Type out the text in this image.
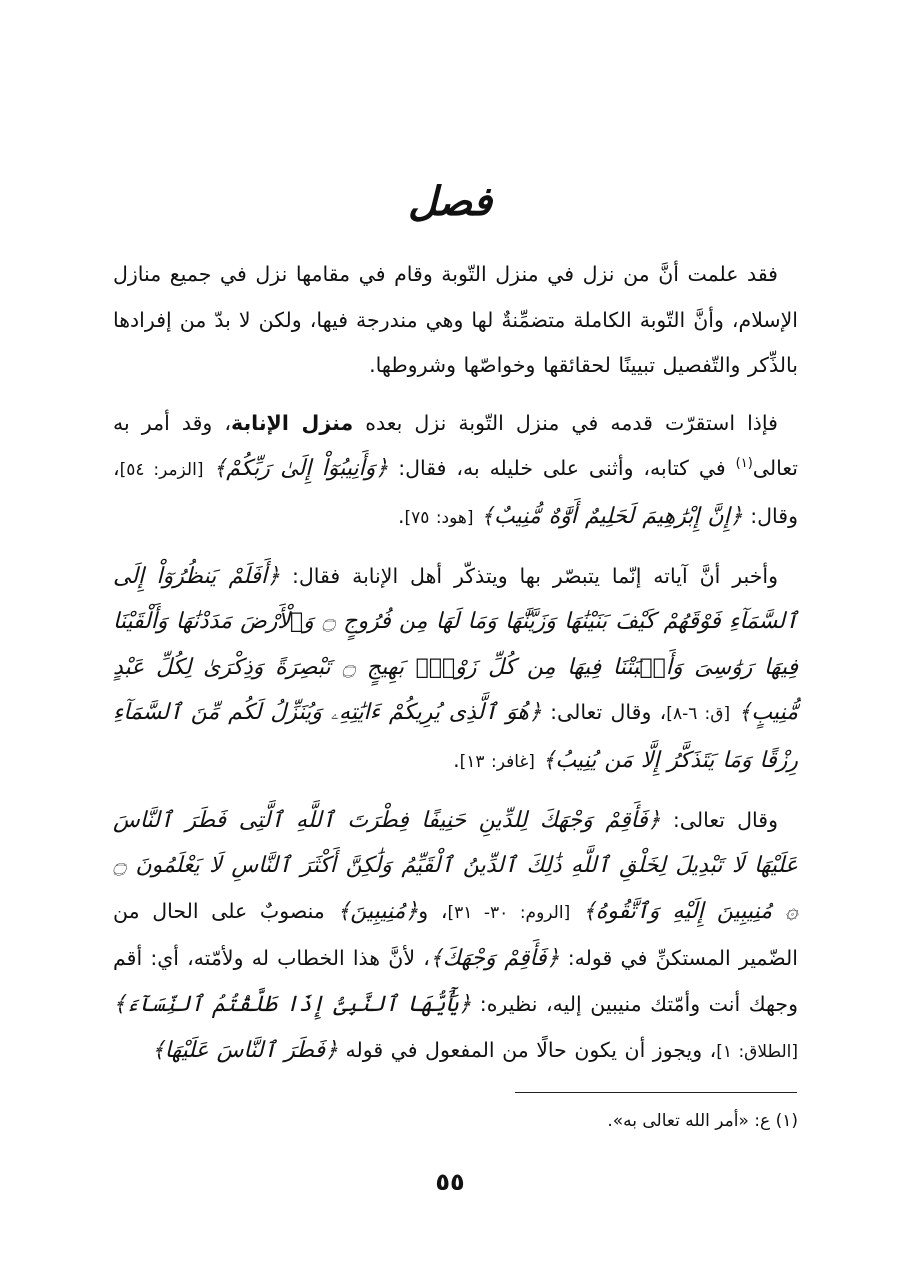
فصل

فقد علمت أنَّ من نزل في منزل التّوبة وقام في مقامها نزل في جميع منازل الإسلام، وأنَّ التّوبة الكاملة متضمِّنةٌ لها وهي مندرجة فيها، ولكن لا بدّ من إفرادها بالذِّكر والتّفصيل تبيينًا لحقائقها وخواصّها وشروطها.

فإذا استقرّت قدمه في منزل التّوبة نزل بعده منزل الإنابة، وقد أمر به تعالى$^{(١)}$ في كتابه، وأثنى على خليله به، فقال: ﴿وَأَنِيبُوٓاْ إِلَىٰ رَبِّكُمْ﴾ [الزمر: ٥٤]، وقال: ﴿إِنَّ إِبْرَٰهِيمَ لَحَلِيمٌ أَوَّٰهٌ مُّنِيبٌ﴾ [هود: ٧٥].

وأخبر أنَّ آياته إنّما يتبصّر بها ويتذكّر أهل الإنابة فقال: ﴿أَفَلَمْ يَنظُرُوٓاْ إِلَى ٱلسَّمَآءِ فَوْقَهُمْ كَيْفَ بَنَيْنَٰهَا وَزَيَّنَّٰهَا وَمَا لَهَا مِن فُرُوجٍ ۝ وَٱلْأَرْضَ مَدَدْنَٰهَا وَأَلْقَيْنَا فِيهَا رَوَٰسِىَ وَأَنۢبَتْنَا فِيهَا مِن كُلِّ زَوْجٍۭ بَهِيجٍ ۝ تَبْصِرَةً وَذِكْرَىٰ لِكُلِّ عَبْدٍ مُّنِيبٍ﴾ [ق: ٦-٨]، وقال تعالى: ﴿هُوَ ٱلَّذِى يُرِيكُمْ ءَايَٰتِهِۦ وَيُنَزِّلُ لَكُم مِّنَ ٱلسَّمَآءِ رِزْقًا وَمَا يَتَذَكَّرُ إِلَّا مَن يُنِيبُ﴾ [غافر: ١٣].

وقال تعالى: ﴿فَأَقِمْ وَجْهَكَ لِلدِّينِ حَنِيفًا فِطْرَتَ ٱللَّهِ ٱلَّتِى فَطَرَ ٱلنَّاسَ عَلَيْهَا لَا تَبْدِيلَ لِخَلْقِ ٱللَّهِ ذَٰلِكَ ٱلدِّينُ ٱلْقَيِّمُ وَلَٰكِنَّ أَكْثَرَ ٱلنَّاسِ لَا يَعْلَمُونَ ۝ ۞ مُنِيبِينَ إِلَيْهِ وَٱتَّقُوهُ﴾ [الروم: ٣٠- ٣١]، و﴿مُنِيبِينَ﴾ منصوبٌ على الحال من الضّمير المستكنِّ في قوله: ﴿فَأَقِمْ وَجْهَكَ﴾، لأنَّ هذا الخطاب له ولأمّته، أي: أقم وجهك أنت وأمّتك منيبين إليه، نظيره: ﴿يَٰٓأَيُّهَا ٱلنَّبِىُّ إِذَا طَلَّقْتُمُ ٱلنِّسَآءَ﴾ [الطلاق: ١]، ويجوز أن يكون حالًا من المفعول في قوله ﴿فَطَرَ ٱلنَّاسَ عَلَيْهَا﴾

(١) ع: «أمر الله تعالى به».
٥٥
